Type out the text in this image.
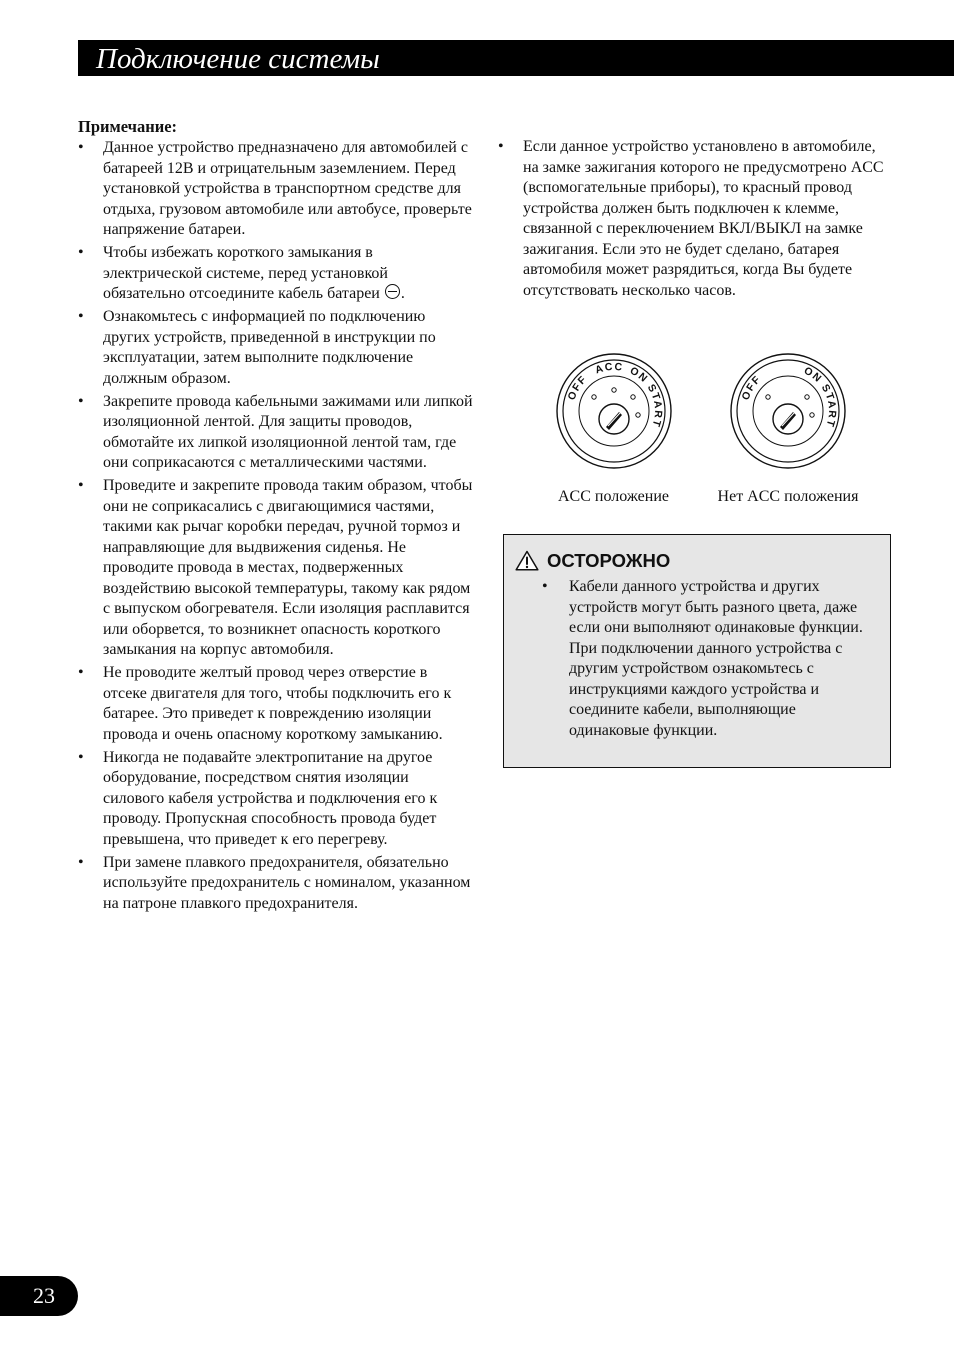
Подключение системы
Примечание:
• Данное устройство предназначено для автомобилей с батареей 12В и отрицательным заземлением. Перед установкой устройства в транспортном средстве для отдыха, грузовом автомобиле или автобусе, проверьте напряжение батареи.
• Чтобы избежать короткого замыкания в электрической системе, перед установкой обязательно отсоедините кабель батареи .
• Ознакомьтесь с информацией по подключению других устройств, приведенной в инструкции по эксплуатации, затем выполните подключение должным образом.
• Закрепите провода кабельными зажимами или липкой изоляционной лентой. Для защиты проводов, обмотайте их липкой изоляционной лентой там, где они соприкасаются с металлическими частями.
• Проведите и закрепите провода таким образом, чтобы они не соприкасались с двигающимися частями, такими как рычаг коробки передач, ручной тормоз и направляющие для выдвижения сиденья. Не проводите провода в местах, подверженных воздействию высокой температуры, такому как рядом с выпуском обогревателя. Если изоляция расплавится или оборвется, то возникнет опасность короткого замыкания на корпус автомобиля.
• Не проводите желтый провод через отверстие в отсеке двигателя для того, чтобы подключить его к батарее. Это приведет к повреждению изоляции провода и очень опасному короткому замыканию.
• Никогда не подавайте электропитание на другое оборудование, посредством снятия изоляции силового кабеля устройства и подключения его к проводу. Пропускная способность провода будет превышена, что приведет к его перегреву.
• При замене плавкого предохранителя, обязательно используйте предохранитель с номиналом, указанном на патроне плавкого предохранителя.
• Если данное устройство установлено в автомобиле, на замке зажигания которого не предусмотрено ACC (вспомогательные приборы), то красный провод устройства должен быть подключен к клемме, связанной с переключением ВКЛ/ВЫКЛ на замке зажигания. Если это не будет сделано, батарея автомобиля может разрядиться, когда Вы будете отсутствовать несколько часов.
OFF
ACC ON
START
ACC положение
OFF
ON
START
Нет ACC положения
ОСТОРОЖНО
• Кабели данного устройства и других устройств могут быть разного цвета, даже если они выполняют одинаковые функции. При подключении данного устройства с другим устройством ознакомьтесь с инструкциями каждого устройства и соедините кабели, выполняющие одинаковые функции.
23
